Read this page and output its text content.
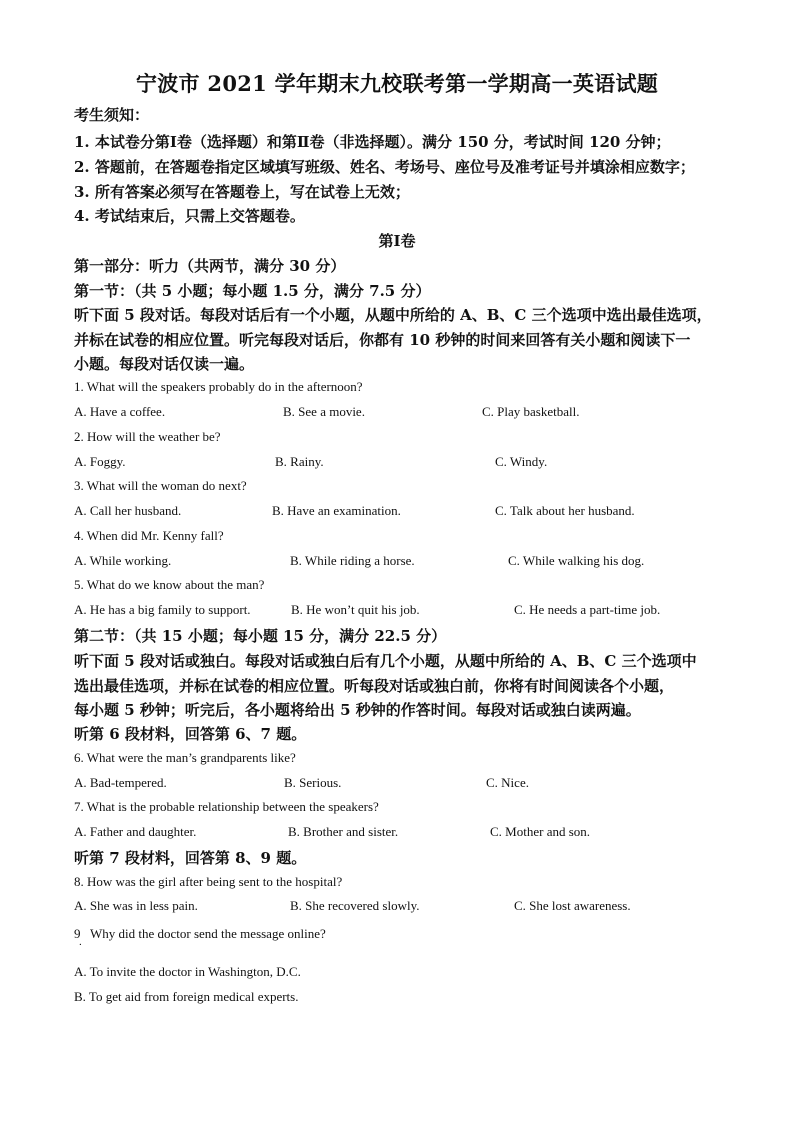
宁波市 2021 学年期末九校联考第一学期高一英语试题
考生须知：
1. 本试卷分第Ⅰ卷（选择题）和第Ⅱ卷（非选择题）。满分 150 分，考试时间 120 分钟；
2. 答题前，在答题卷指定区域填写班级、姓名、考场号、座位号及准考证号并填涂相应数字；
3. 所有答案必须写在答题卷上，写在试卷上无效；
4. 考试结束后，只需上交答题卷。
第Ⅰ卷
第一部分：听力（共两节，满分 30 分）
第一节：（共 5 小题；每小题 1.5 分，满分 7.5 分）
听下面 5 段对话。每段对话后有一个小题，从题中所给的 A、B、C 三个选项中选出最佳选项，
并标在试卷的相应位置。听完每段对话后，你都有 10 秒钟的时间来回答有关小题和阅读下一
小题。每段对话仅读一遍。
1. What will the speakers probably do in the afternoon?
A. Have a coffee.	B. See a movie.	C. Play basketball.
2. How will the weather be?
A. Foggy.	B. Rainy.	C. Windy.
3. What will the woman do next?
A. Call her husband.	B. Have an examination.	C. Talk about her husband.
4. When did Mr. Kenny fall?
A. While working.	B. While riding a horse.	C. While walking his dog.
5. What do we know about the man?
A. He has a big family to support.	B. He won’t quit his job.	C. He needs a part-time job.
第二节：（共 15 小题；每小题 15 分，满分 22.5 分）
听下面 5 段对话或独白。每段对话或独白后有几个小题，从题中所给的 A、B、C 三个选项中
选出最佳选项，并标在试卷的相应位置。听每段对话或独白前，你将有时间阅读各个小题，
每小题 5 秒钟；听完后，各小题将给出 5 秒钟的作答时间。每段对话或独白读两遍。
听第 6 段材料，回答第 6、7 题。
6. What were the man’s grandparents like?
A. Bad-tempered.	B. Serious.	C. Nice.
7. What is the probable relationship between the speakers?
A. Father and daughter.	B. Brother and sister.	C. Mother and son.
听第 7 段材料，回答第 8、9 题。
8. How was the girl after being sent to the hospital?
A. She was in less pain.	B. She recovered slowly.	C. She lost awareness.
9
.
Why did the doctor send the message online?
A. To invite the doctor in Washington, D.C.
B. To get aid from foreign medical experts.
